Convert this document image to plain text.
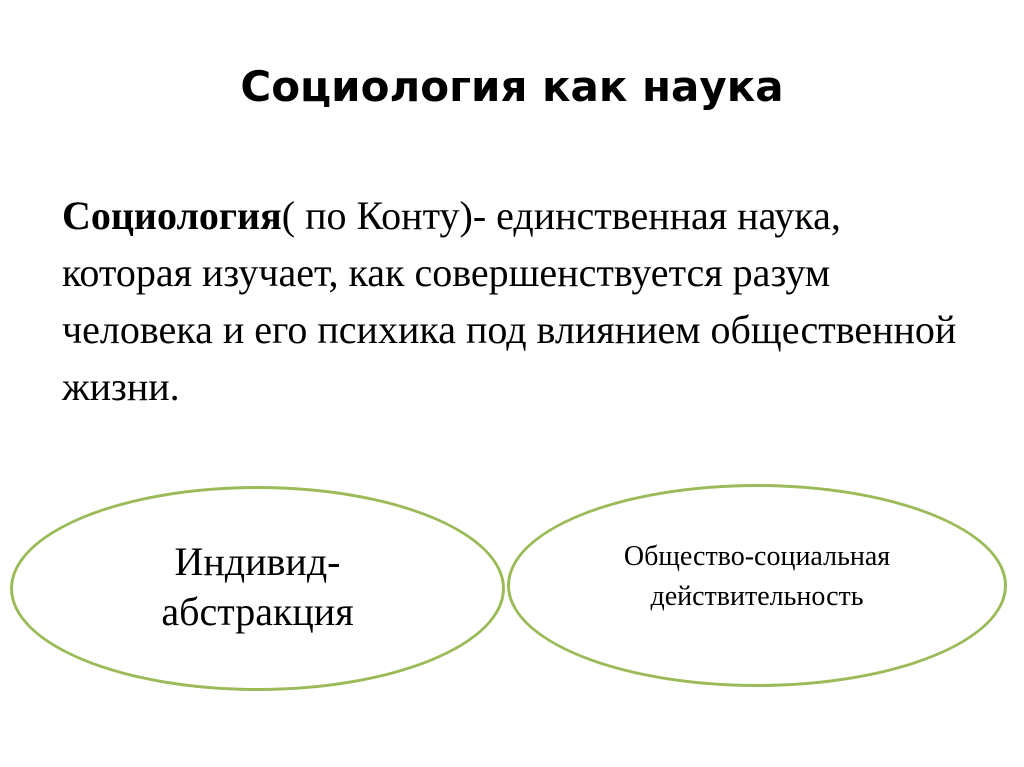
Социология как наука
Социология( по Конту)- единственная наука, которая изучает, как совершенствуется разум человека и его психика под влиянием общественной жизни.
Индивид-абстракция
Общество-социальная действительность
